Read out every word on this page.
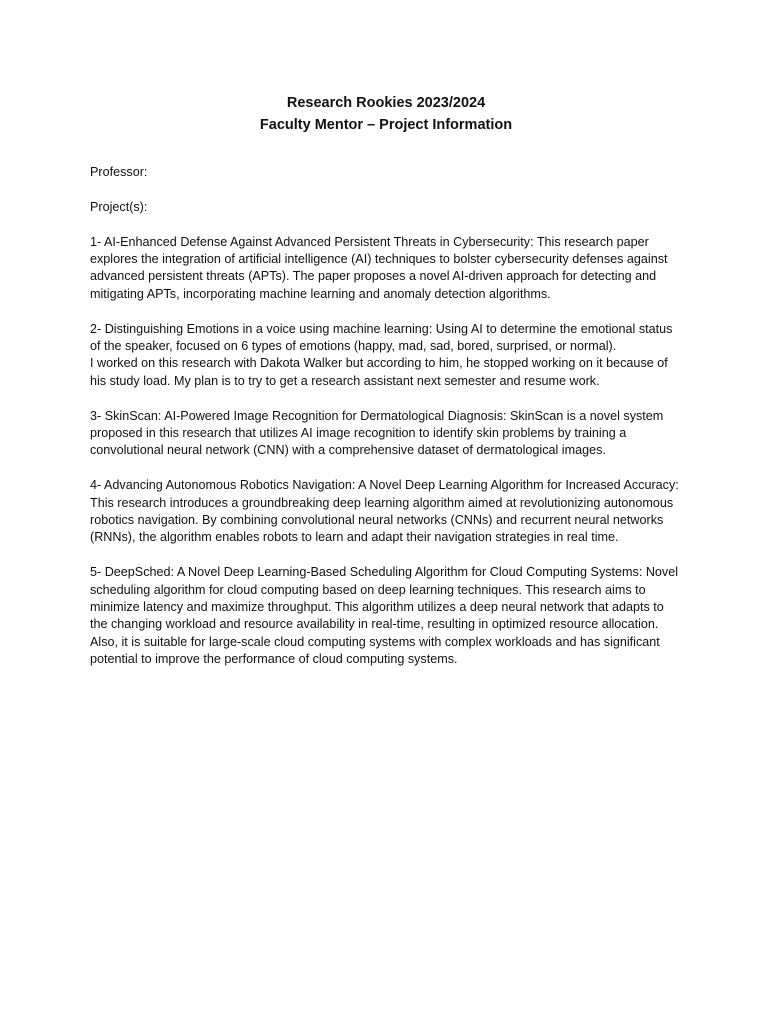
Research Rookies 2023/2024
Faculty Mentor – Project Information
Professor:
Project(s):

1- AI-Enhanced Defense Against Advanced Persistent Threats in Cybersecurity: This research paper explores the integration of artificial intelligence (AI) techniques to bolster cybersecurity defenses against advanced persistent threats (APTs). The paper proposes a novel AI-driven approach for detecting and mitigating APTs, incorporating machine learning and anomaly detection algorithms.

2- Distinguishing Emotions in a voice using machine learning: Using AI to determine the emotional status of the speaker, focused on 6 types of emotions (happy, mad, sad, bored, surprised, or normal).

I worked on this research with Dakota Walker but according to him, he stopped working on it because of his study load. My plan is to try to get a research assistant next semester and resume work.

3- SkinScan: AI-Powered Image Recognition for Dermatological Diagnosis: SkinScan is a novel system proposed in this research that utilizes AI image recognition to identify skin problems by training a convolutional neural network (CNN) with a comprehensive dataset of dermatological images.

4- Advancing Autonomous Robotics Navigation: A Novel Deep Learning Algorithm for Increased Accuracy: This research introduces a groundbreaking deep learning algorithm aimed at revolutionizing autonomous robotics navigation. By combining convolutional neural networks (CNNs) and recurrent neural networks (RNNs), the algorithm enables robots to learn and adapt their navigation strategies in real time.

5- DeepSched: A Novel Deep Learning-Based Scheduling Algorithm for Cloud Computing Systems: Novel scheduling algorithm for cloud computing based on deep learning techniques. This research aims to minimize latency and maximize throughput. This algorithm utilizes a deep neural network that adapts to the changing workload and resource availability in real-time, resulting in optimized resource allocation. Also, it is suitable for large-scale cloud computing systems with complex workloads and has significant potential to improve the performance of cloud computing systems.
